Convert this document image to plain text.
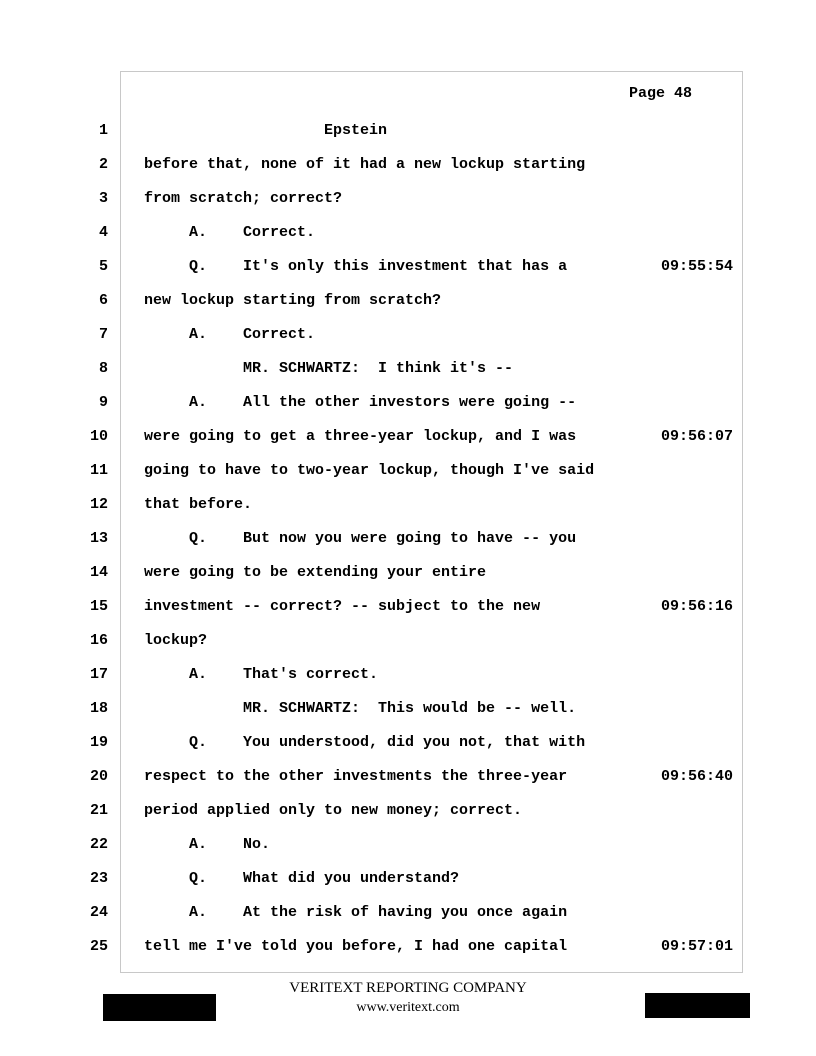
Page 48
1 Epstein
2 before that, none of it had a new lockup starting
3 from scratch; correct?
4 A.    Correct.
5 Q.    It's only this investment that has a	09:55:54
6 new lockup starting from scratch?
7 A.    Correct.
8 MR. SCHWARTZ:  I think it's --
9 A.    All the other investors were going --
10 were going to get a three-year lockup, and I was	09:56:07
11 going to have to two-year lockup, though I've said
12 that before.
13 Q.    But now you were going to have -- you
14 were going to be extending your entire
15 investment -- correct? -- subject to the new	09:56:16
16 lockup?
17 A.    That's correct.
18 MR. SCHWARTZ:  This would be -- well.
19 Q.    You understood, did you not, that with
20 respect to the other investments the three-year	09:56:40
21 period applied only to new money; correct.
22 A.    No.
23 Q.    What did you understand?
24 A.    At the risk of having you once again
25 tell me I've told you before, I had one capital	09:57:01
VERITEXT REPORTING COMPANY
www.veritext.com
